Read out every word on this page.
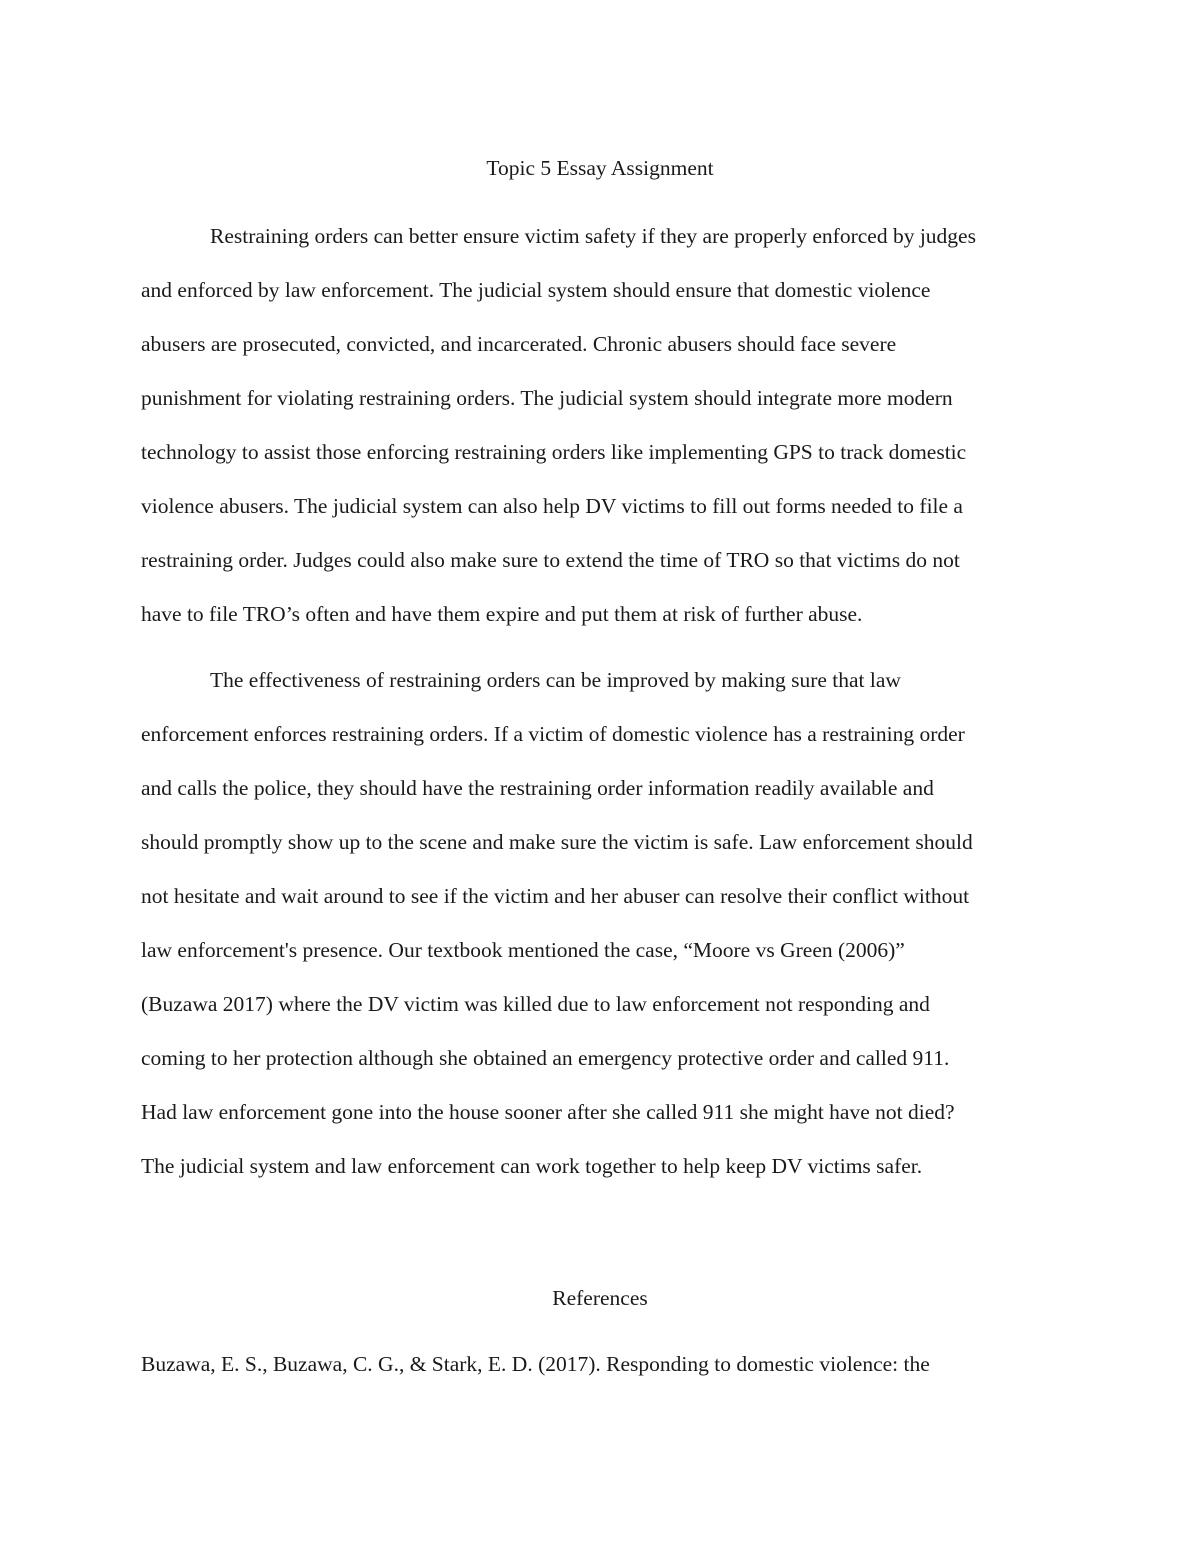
Topic 5 Essay Assignment

Restraining orders can better ensure victim safety if they are properly enforced by judges

and enforced by law enforcement. The judicial system should ensure that domestic violence

abusers are prosecuted, convicted, and incarcerated. Chronic abusers should face severe

punishment for violating restraining orders. The judicial system should integrate more modern

technology to assist those enforcing restraining orders like implementing GPS to track domestic

violence abusers. The judicial system can also help DV victims to fill out forms needed to file a

restraining order. Judges could also make sure to extend the time of TRO so that victims do not

have to file TRO’s often and have them expire and put them at risk of further abuse.

The effectiveness of restraining orders can be improved by making sure that law

enforcement enforces restraining orders. If a victim of domestic violence has a restraining order

and calls the police, they should have the restraining order information readily available and

should promptly show up to the scene and make sure the victim is safe. Law enforcement should

not hesitate and wait around to see if the victim and her abuser can resolve their conflict without

law enforcement's presence. Our textbook mentioned the case, “Moore vs Green (2006)”

(Buzawa 2017) where the DV victim was killed due to law enforcement not responding and

coming to her protection although she obtained an emergency protective order and called 911.

Had law enforcement gone into the house sooner after she called 911 she might have not died?

The judicial system and law enforcement can work together to help keep DV victims safer.

References

Buzawa, E. S., Buzawa, C. G., & Stark, E. D. (2017). Responding to domestic violence: the
